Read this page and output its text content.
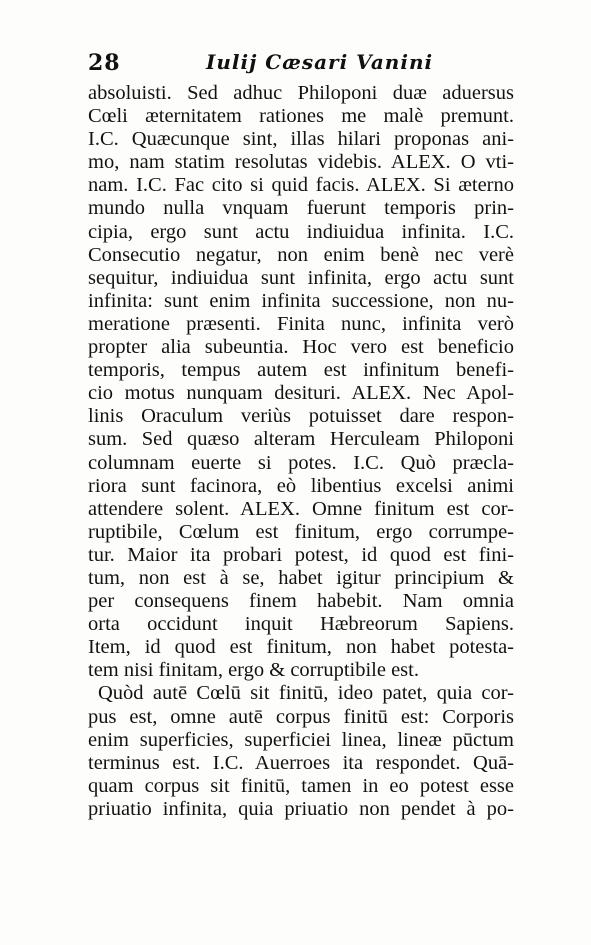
28	Iulij Cæsari Vanini
absoluisti. Sed adhuc Philoponi duæ aduersus
Cœli æternitatem rationes me malè premunt.
I.C. Quæcunque sint, illas hilari proponas ani-
mo, nam statim resolutas videbis. ALEX. O vti-
nam. I.C. Fac cito si quid facis. ALEX. Si æterno
mundo nulla vnquam fuerunt temporis prin-
cipia, ergo sunt actu indiuidua infinita. I.C.
Consecutio negatur, non enim benè nec verè
sequitur, indiuidua sunt infinita, ergo actu sunt
infinita: sunt enim infinita successione, non nu-
meratione præsenti. Finita nunc, infinita verò
propter alia subeuntia. Hoc vero est beneficio
temporis, tempus autem est infinitum benefi-
cio motus nunquam desituri. ALEX. Nec Apol-
linis Oraculum veriùs potuisset dare respon-
sum. Sed quæso alteram Herculeam Philoponi
columnam euerte si potes. I.C. Quò præcla-
riora sunt facinora, eò libentius excelsi animi
attendere solent. ALEX. Omne finitum est cor-
ruptibile, Cœlum est finitum, ergo corrumpe-
tur. Maior ita probari potest, id quod est fini-
tum, non est à se, habet igitur principium &
per consequens finem habebit. Nam omnia
orta occidunt inquit Hæbreorum Sapiens.
Item, id quod est finitum, non habet potesta-
tem nisi finitam, ergo & corruptibile est.
Quòd autē Cœlū sit finitū, ideo patet, quia cor-
pus est, omne autē corpus finitū est: Corporis
enim superficies, superficiei linea, lineæ pūctum
terminus est. I.C. Auerroes ita respondet. Quā-
quam corpus sit finitū, tamen in eo potest esse
priuatio infinita, quia priuatio non pendet à po-
